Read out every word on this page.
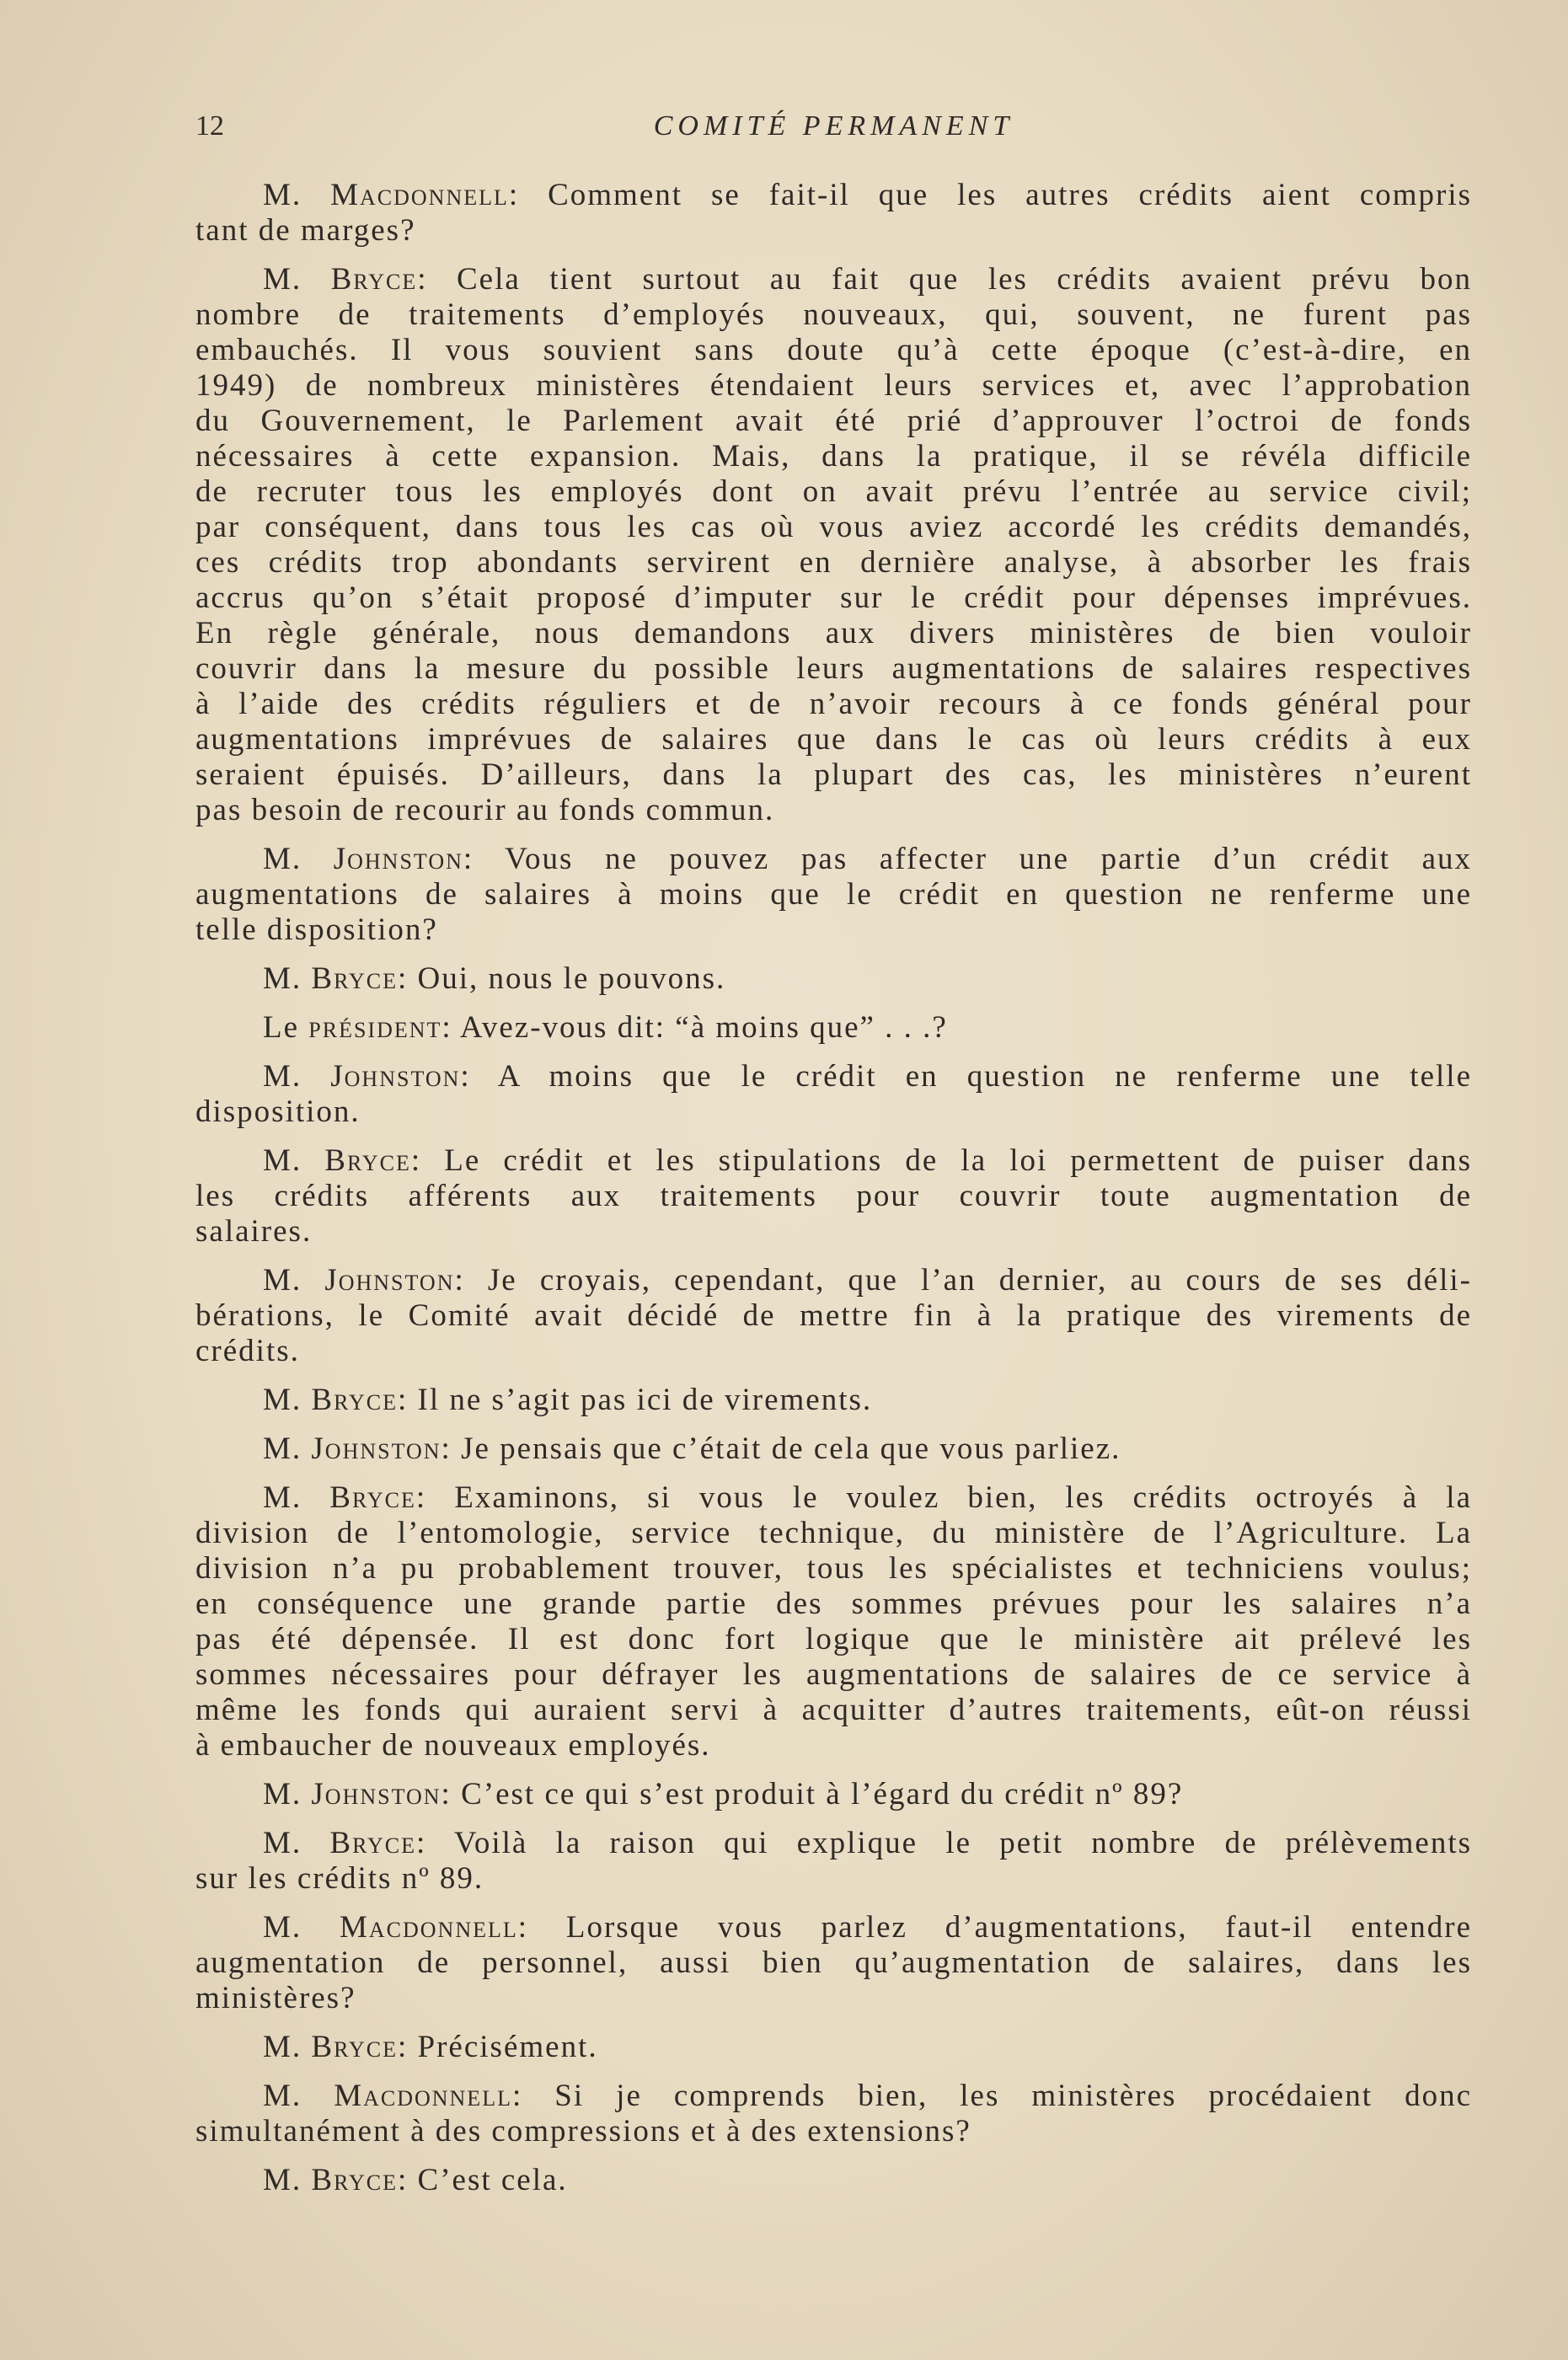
12	COMITÉ PERMANENT
M. Macdonnell: Comment se fait-il que les autres crédits aient compris
tant de marges?
M. Bryce: Cela tient surtout au fait que les crédits avaient prévu bon
nombre de traitements d’employés nouveaux, qui, souvent, ne furent pas
embauchés. Il vous souvient sans doute qu’à cette époque (c’est-à-dire, en
1949) de nombreux ministères étendaient leurs services et, avec l’approbation
du Gouvernement, le Parlement avait été prié d’approuver l’octroi de fonds
nécessaires à cette expansion. Mais, dans la pratique, il se révéla difficile
de recruter tous les employés dont on avait prévu l’entrée au service civil;
par conséquent, dans tous les cas où vous aviez accordé les crédits demandés,
ces crédits trop abondants servirent en dernière analyse, à absorber les frais
accrus qu’on s’était proposé d’imputer sur le crédit pour dépenses imprévues.
En règle générale, nous demandons aux divers ministères de bien vouloir
couvrir dans la mesure du possible leurs augmentations de salaires respectives
à l’aide des crédits réguliers et de n’avoir recours à ce fonds général pour
augmentations imprévues de salaires que dans le cas où leurs crédits à eux
seraient épuisés. D’ailleurs, dans la plupart des cas, les ministères n’eurent
pas besoin de recourir au fonds commun.
M. Johnston: Vous ne pouvez pas affecter une partie d’un crédit aux
augmentations de salaires à moins que le crédit en question ne renferme une
telle disposition?
M. Bryce: Oui, nous le pouvons.
Le président: Avez-vous dit: “à moins que” . . .?
M. Johnston: A moins que le crédit en question ne renferme une telle
disposition.
M. Bryce: Le crédit et les stipulations de la loi permettent de puiser dans
les crédits afférents aux traitements pour couvrir toute augmentation de
salaires.
M. Johnston: Je croyais, cependant, que l’an dernier, au cours de ses déli-
bérations, le Comité avait décidé de mettre fin à la pratique des virements de
crédits.
M. Bryce: Il ne s’agit pas ici de virements.
M. Johnston: Je pensais que c’était de cela que vous parliez.
M. Bryce: Examinons, si vous le voulez bien, les crédits octroyés à la
division de l’entomologie, service technique, du ministère de l’Agriculture. La
division n’a pu probablement trouver, tous les spécialistes et techniciens voulus;
en conséquence une grande partie des sommes prévues pour les salaires n’a
pas été dépensée. Il est donc fort logique que le ministère ait prélevé les
sommes nécessaires pour défrayer les augmentations de salaires de ce service à
même les fonds qui auraient servi à acquitter d’autres traitements, eût-on réussi
à embaucher de nouveaux employés.
M. Johnston: C’est ce qui s’est produit à l’égard du crédit nº 89?
M. Bryce: Voilà la raison qui explique le petit nombre de prélèvements
sur les crédits nº 89.
M. Macdonnell: Lorsque vous parlez d’augmentations, faut-il entendre
augmentation de personnel, aussi bien qu’augmentation de salaires, dans les
ministères?
M. Bryce: Précisément.
M. Macdonnell: Si je comprends bien, les ministères procédaient donc
simultanément à des compressions et à des extensions?
M. Bryce: C’est cela.
